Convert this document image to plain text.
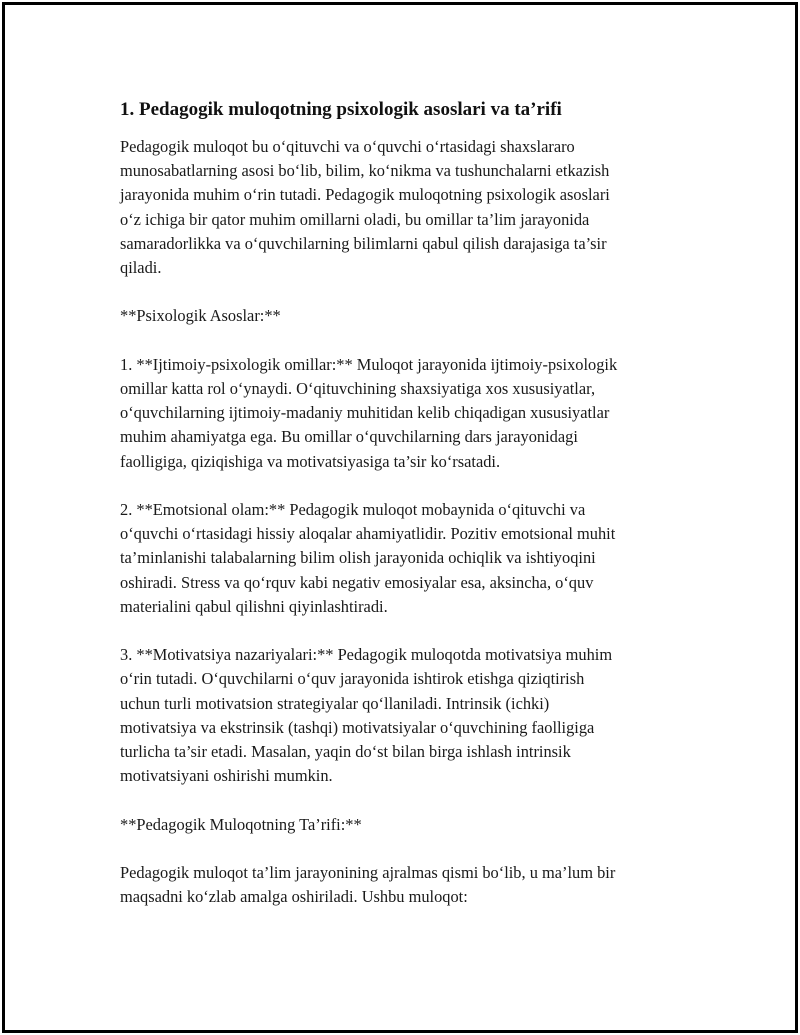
1. Pedagogik muloqotning psixologik asoslari va ta’rifi

Pedagogik muloqot bu o‘qituvchi va o‘quvchi o‘rtasidagi shaxslararo
munosabatlarning asosi bo‘lib, bilim, ko‘nikma va tushunchalarni etkazish
jarayonida muhim o‘rin tutadi. Pedagogik muloqotning psixologik asoslari
o‘z ichiga bir qator muhim omillarni oladi, bu omillar ta’lim jarayonida
samaradorlikka va o‘quvchilarning bilimlarni qabul qilish darajasiga ta’sir
qiladi.

**Psixologik Asoslar:**

1. **Ijtimoiy-psixologik omillar:** Muloqot jarayonida ijtimoiy-psixologik
omillar katta rol o‘ynaydi. O‘qituvchining shaxsiyatiga xos xususiyatlar,
o‘quvchilarning ijtimoiy-madaniy muhitidan kelib chiqadigan xususiyatlar
muhim ahamiyatga ega. Bu omillar o‘quvchilarning dars jarayonidagi
faolligiga, qiziqishiga va motivatsiyasiga ta’sir ko‘rsatadi.

2. **Emotsional olam:** Pedagogik muloqot mobaynida o‘qituvchi va
o‘quvchi o‘rtasidagi hissiy aloqalar ahamiyatlidir. Pozitiv emotsional muhit
ta’minlanishi talabalarning bilim olish jarayonida ochiqlik va ishtiyoqini
oshiradi. Stress va qo‘rquv kabi negativ emosiyalar esa, aksincha, o‘quv
materialini qabul qilishni qiyinlashtiradi.

3. **Motivatsiya nazariyalari:** Pedagogik muloqotda motivatsiya muhim
o‘rin tutadi. O‘quvchilarni o‘quv jarayonida ishtirok etishga qiziqtirish
uchun turli motivatsion strategiyalar qo‘llaniladi. Intrinsik (ichki)
motivatsiya va ekstrinsik (tashqi) motivatsiyalar o‘quvchining faolligiga
turlicha ta’sir etadi. Masalan, yaqin do‘st bilan birga ishlash intrinsik
motivatsiyani oshirishi mumkin.

**Pedagogik Muloqotning Ta’rifi:**

Pedagogik muloqot ta’lim jarayonining ajralmas qismi bo‘lib, u ma’lum bir
maqsadni ko‘zlab amalga oshiriladi. Ushbu muloqot:
